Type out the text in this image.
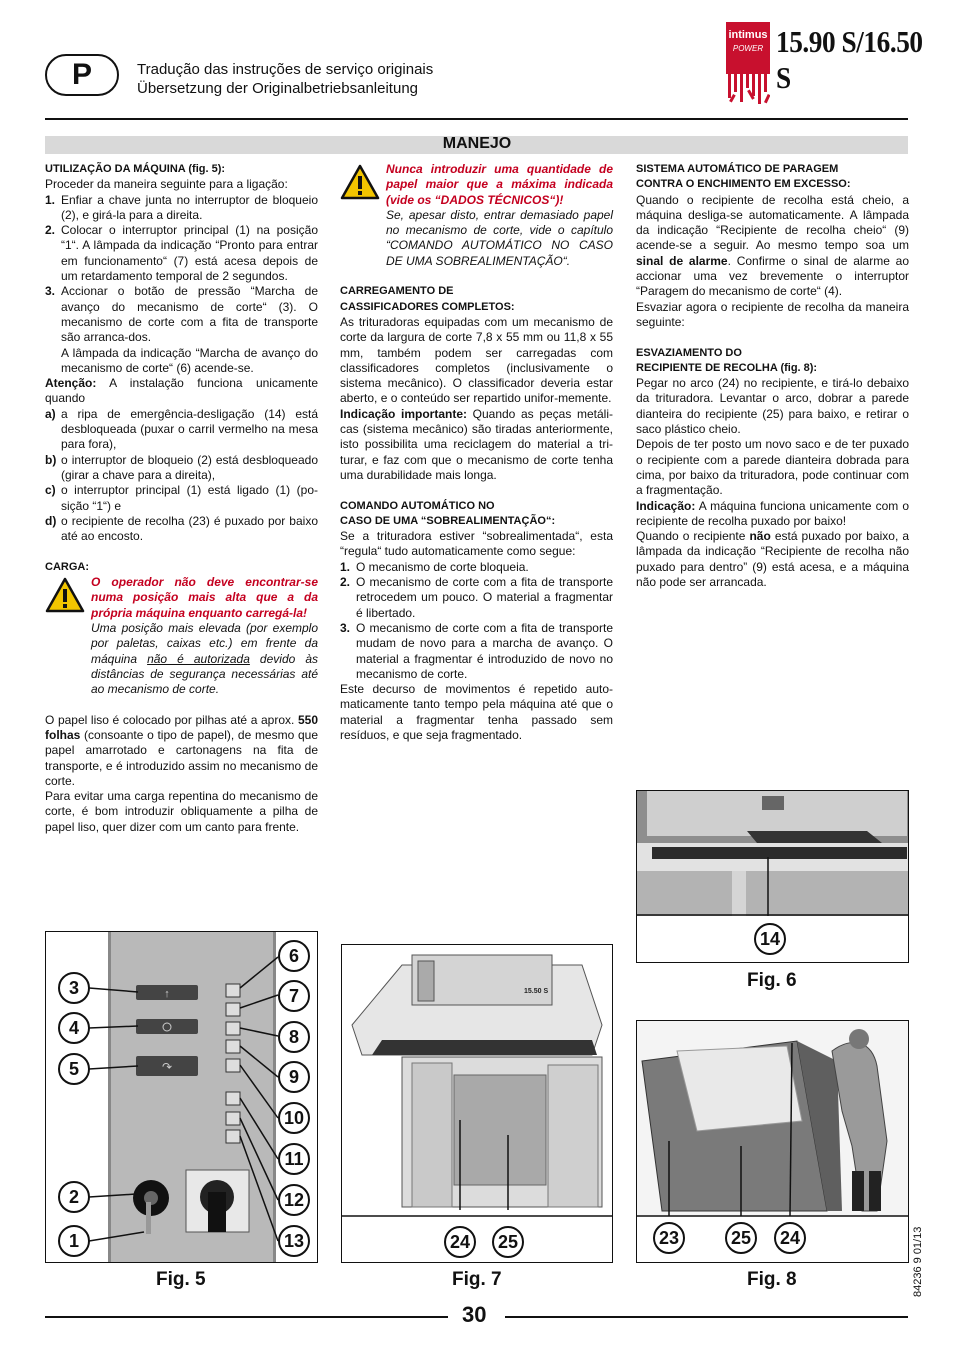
P	Tradução das instruções de serviço originais
Übersetzung der Originalbetriebsanleitung
intimus
POWER 15.90 S/16.50 S
MANEJO

UTILIZAÇÃO DA MÁQUINA (fig. 5):

Proceder da maneira seguinte para a ligação:

1. Enfiar a chave junta no interruptor de bloqueio (2), e girá-la para a direita.
2. Colocar o interruptor principal (1) na posição “1“. A lâmpada da indicação “Pronto para entrar em funcionamento“ (7) está acesa depois de um retardamento temporal de 2 segundos.
3. Accionar o botão de pressão “Marcha de avanço do mecanismo de corte“ (3). O mecanismo de corte com a fita de transporte são arranca-dos.

A lâmpada da indicação “Marcha de avanço do mecanismo de corte“ (6) acende-se.

Atenção: A instalação funciona unicamente quando

a) a ripa de emergência-desligação (14) está desbloqueada (puxar o carril vermelho na mesa para fora),
b) o interruptor de bloqueio (2) está desbloqueado (girar a chave para a direita),
c) o interruptor principal (1) está ligado (1) (po-sição “1“) e
d) o recipiente de recolha (23) é puxado por baixo até ao encosto.

CARGA:

O operador não deve encontrar-se numa posição mais alta que a da própria máquina enquanto carregá-la!

Uma posição mais elevada (por exemplo por paletas, caixas etc.) em frente da máquina não é autorizada devido às distâncias de segurança necessárias até ao mecanismo de corte.

O papel liso é colocado por pilhas até a aprox. 550 folhas (consoante o tipo de papel), de mesmo que papel amarrotado e cartonagens na fita de transporte, e é introduzido assim no mecanismo de corte.

Para evitar uma carga repentina do mecanismo de corte, é bom introduzir obliquamente a pilha de papel liso, quer dizer com um canto para frente.

Nunca introduzir uma quantidade de papel maior que a máxima indicada (vide os “DADOS TÉCNICOS“)!

Se, apesar disto, entrar demasiado papel no mecanismo de corte, vide o capítulo “COMANDO AUTOMÁTICO NO CASO DE UMA SOBREALIMENTAÇÃO“.

CARREGAMENTO DE
CASSIFICADORES COMPLETOS:

As trituradoras equipadas com um mecanismo de corte da largura de corte 7,8 x 55 mm ou 11,8 x 55 mm, também podem ser carregadas com classificadores completos (inclusivamente o sistema mecânico). O classificador deveria estar aberto, e o conteúdo ser repartido unifor-memente.

Indicação importante: Quando as peças metáli-cas (sistema mecânico) são tiradas anteriormente, isto possibilita uma reciclagem do material a tri-turar, e faz com que o mecanismo de corte tenha uma durabilidade mais longa.

COMANDO AUTOMÁTICO NO
CASO DE UMA “SOBREALIMENTAÇÃO“:

Se a trituradora estiver “sobrealimentada“, esta “regula“ tudo automaticamente como segue:

1. O mecanismo de corte bloqueia.
2. O mecanismo de corte com a fita de transporte retrocedem um pouco. O material a fragmentar é libertado.
3. O mecanismo de corte com a fita de transporte mudam de novo para a marcha de avanço. O material a fragmentar é introduzido de novo no mecanismo de corte.

Este decurso de movimentos é repetido auto-maticamente tanto tempo pela máquina até que o material a fragmentar tenha passado sem resíduos, e que seja fragmentado.

SISTEMA AUTOMÁTICO DE PARAGEM
CONTRA O ENCHIMENTO EM EXCESSO:

Quando o recipiente de recolha está cheio, a máquina desliga-se automaticamente. A lâmpada da indicação “Recipiente de recolha cheio“ (9) acende-se a seguir. Ao mesmo tempo soa um sinal de alarme. Confirme o sinal de alarme ao accionar uma vez brevemente o interruptor “Paragem do mecanismo de corte“ (4).

Esvaziar agora o recipiente de recolha da maneira seguinte:

ESVAZIAMENTO DO
RECIPIENTE DE RECOLHA (fig. 8):

Pegar no arco (24) no recipiente, e tirá-lo debaixo da trituradora. Levantar o arco, dobrar a parede dianteira do recipiente (25) para baixo, e retirar o saco plástico cheio.

Depois de ter posto um novo saco e de ter puxado o recipiente com a parede dianteira dobrada para cima, por baixo da trituradora, pode continuar com a fragmentação.

Indicação: A máquina funciona unicamente com o recipiente de recolha puxado por baixo!

Quando o recipiente não está puxado por baixo, a lâmpada da indicação “Recipiente de recolha não puxado para dentro” (9) está acesa, e a máquina não pode ser arrancada.

↑
↷
3
4
5
2
1
6
7
8
9
10
11
12
13
Fig. 5
15.50 S
24	25
Fig. 7
14
Fig. 6
23	25	24
Fig. 8	84236 9 01/13
30
